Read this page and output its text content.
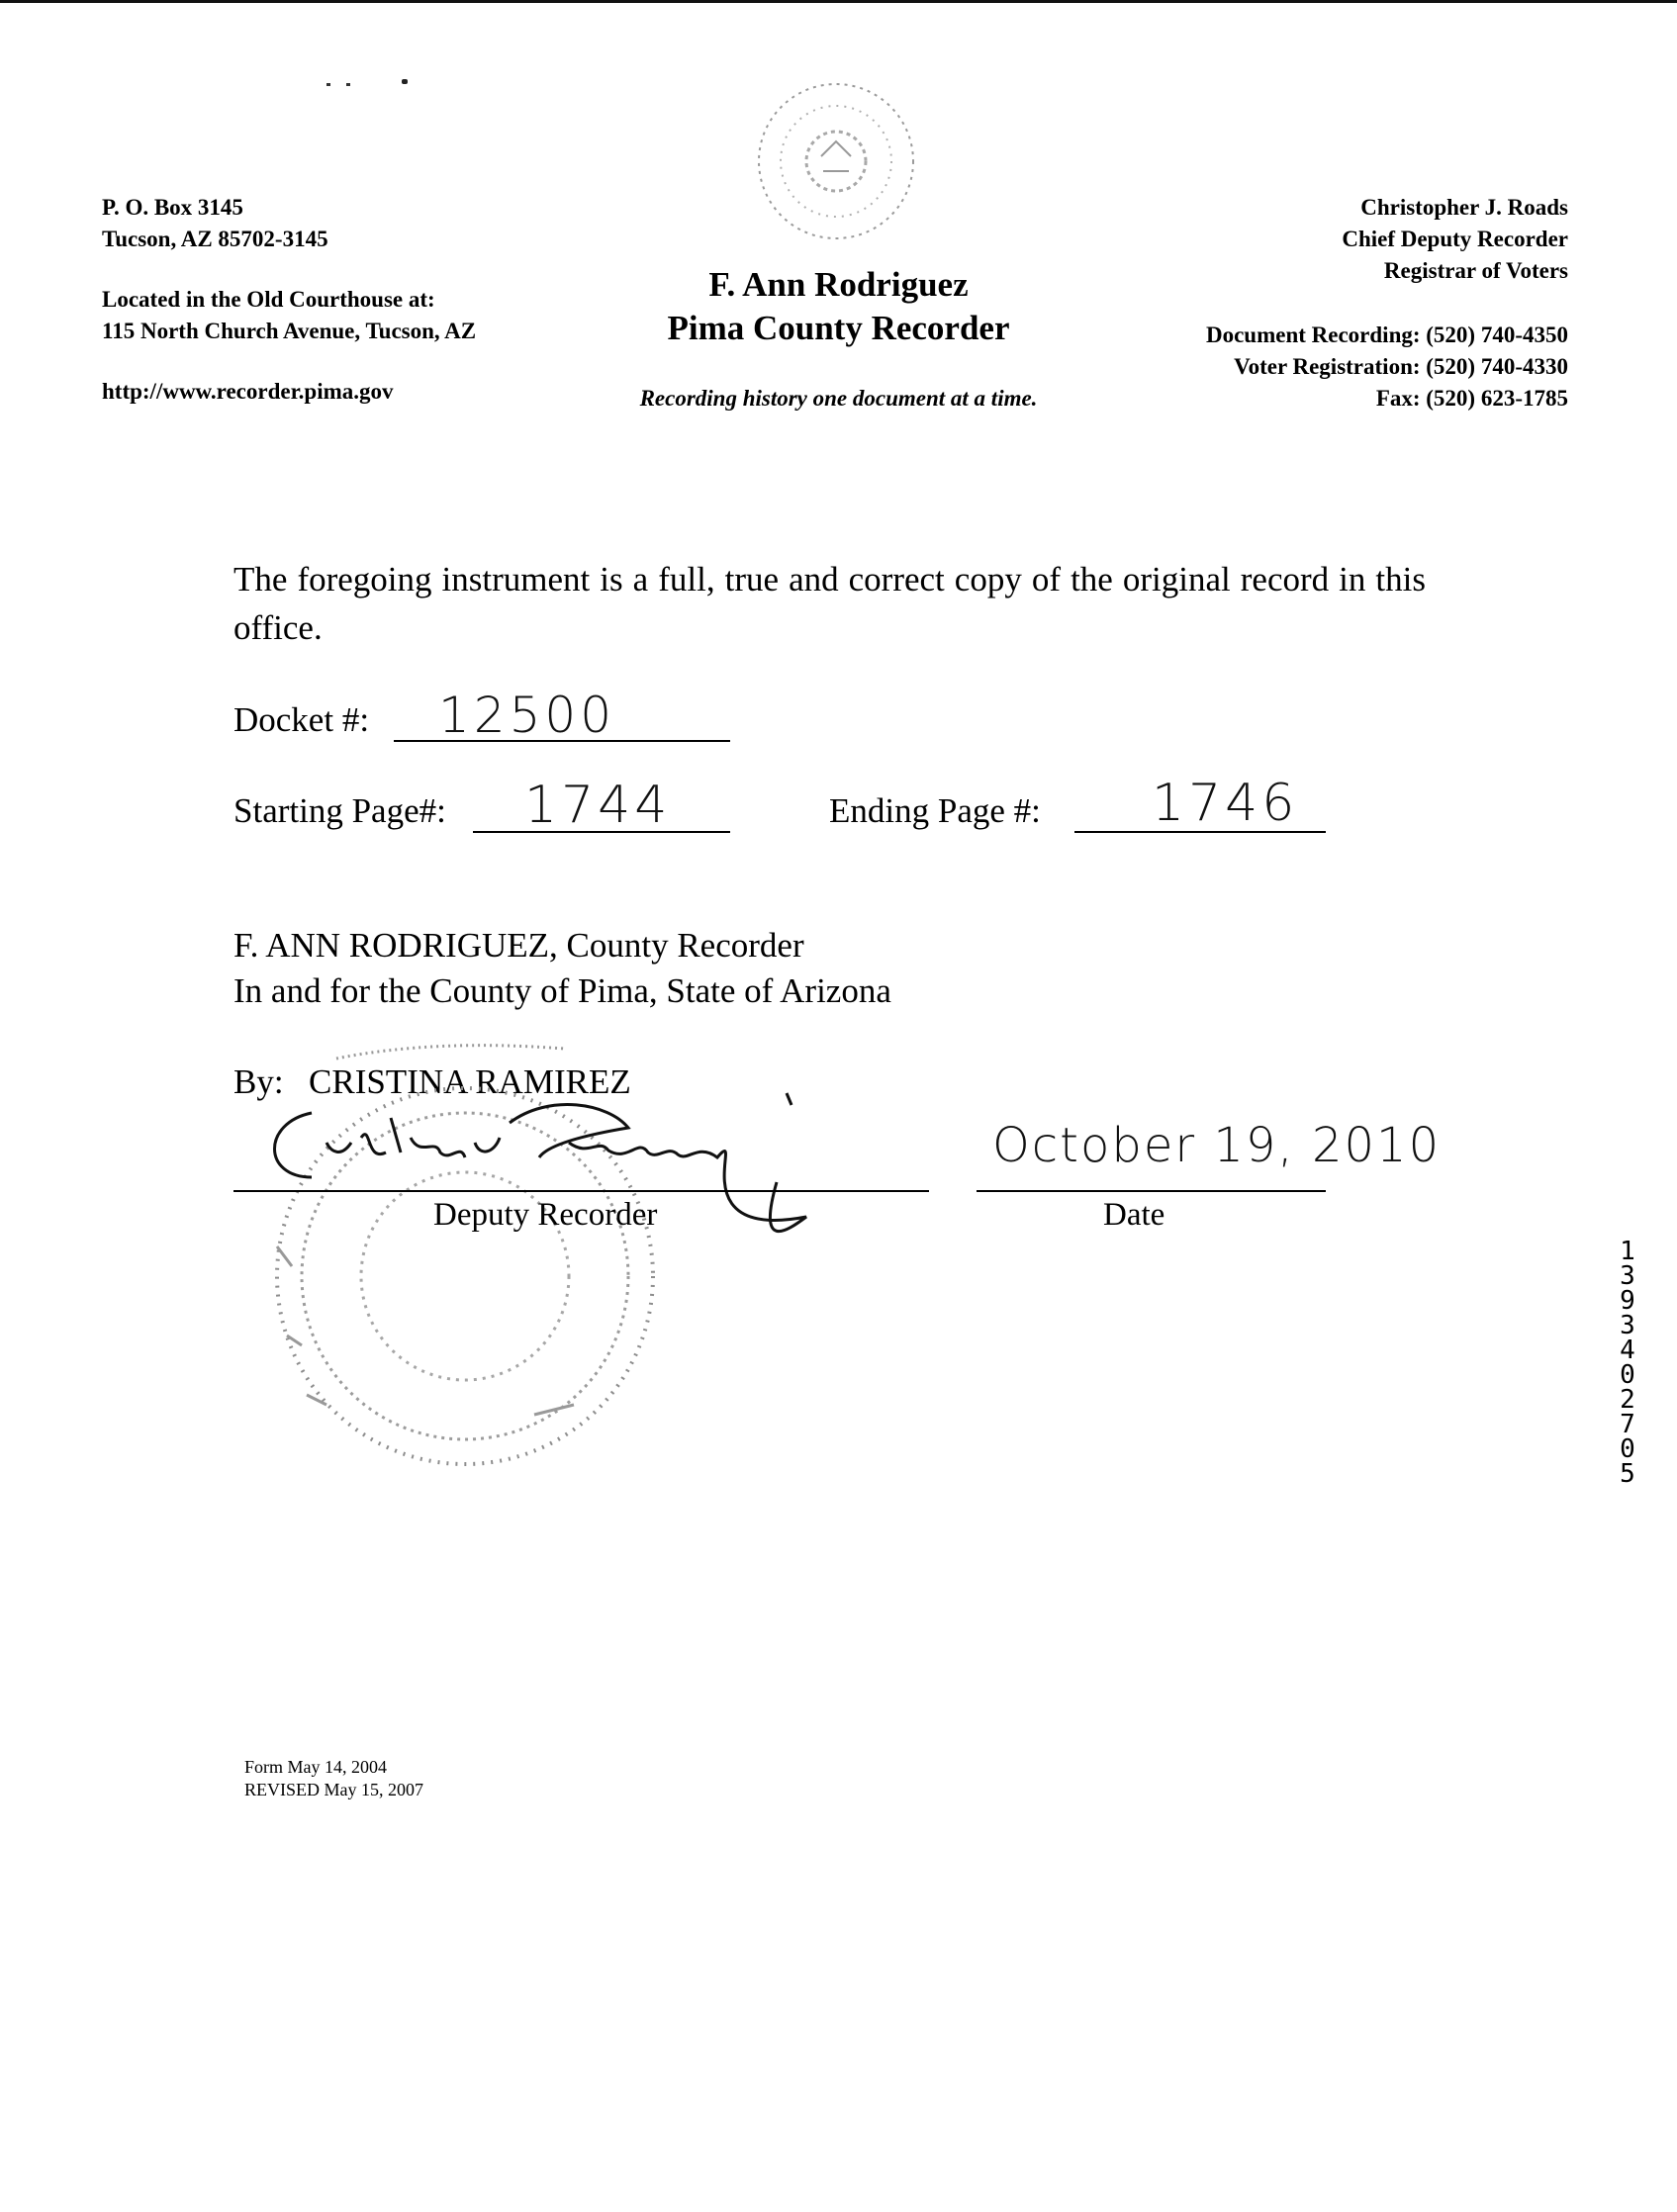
P. O. Box 3145
Tucson, AZ 85702-3145
Located in the Old Courthouse at:
115 North Church Avenue, Tucson, AZ
http://www.recorder.pima.gov
F. Ann Rodriguez
Pima County Recorder
Recording history one document at a time.
Christopher J. Roads
Chief Deputy Recorder
Registrar of Voters
Document Recording: (520) 740-4350
Voter Registration: (520) 740-4330
Fax: (520) 623-1785
The foregoing instrument is a full, true and correct copy of the original record in this office.
Docket #: 12500
Starting Page#: 1744	Ending Page #: 1746
F. ANN RODRIGUEZ, County Recorder
In and for the County of Pima, State of Arizona
By: CRISTINA RAMIREZ

Deputy Recorder
October 19, 2010
Date
1393402705
Form May 14, 2004
REVISED May 15, 2007
